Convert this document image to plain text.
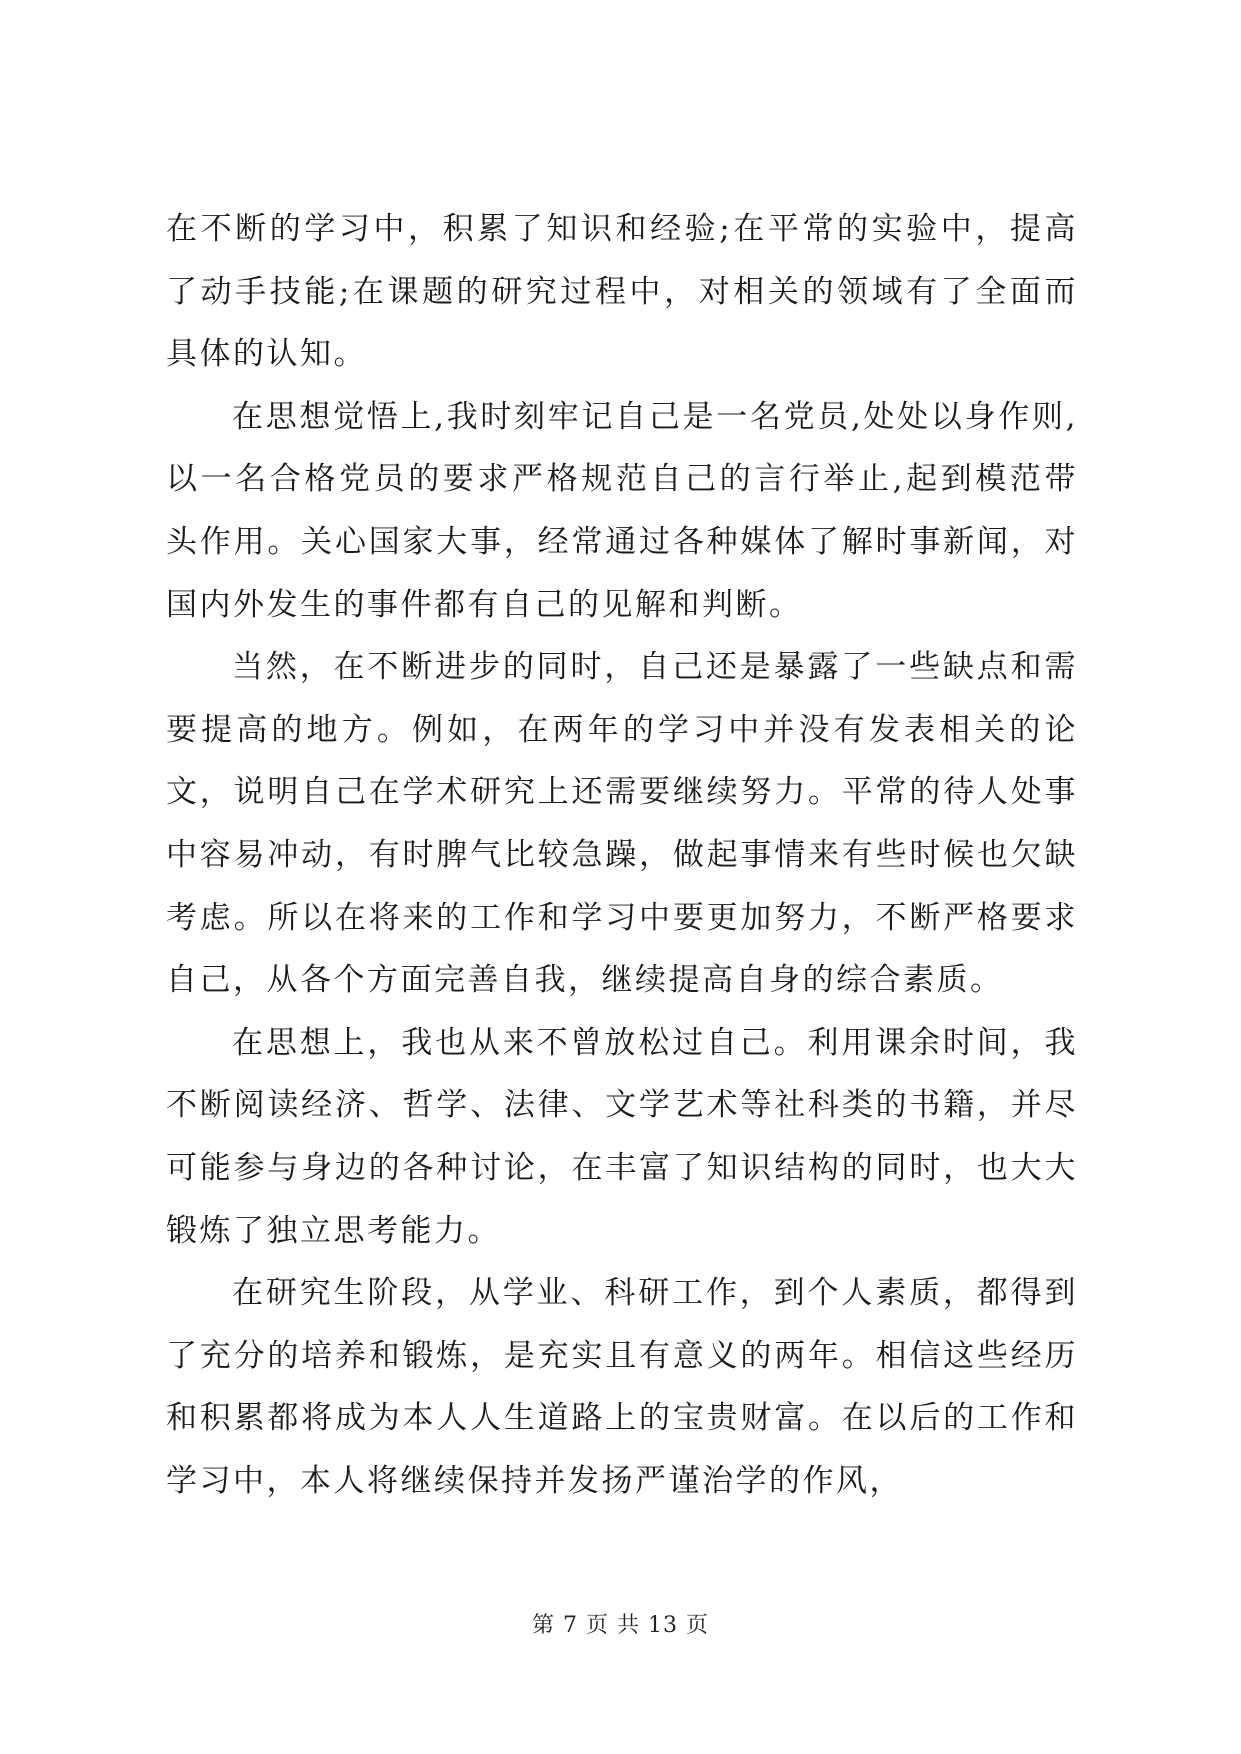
在不断的学习中，积累了知识和经验;在平常的实验中，提高了动手技能;在课题的研究过程中，对相关的领域有了全面而具体的认知。

在思想觉悟上,我时刻牢记自己是一名党员,处处以身作则,以一名合格党员的要求严格规范自己的言行举止,起到模范带头作用。关心国家大事，经常通过各种媒体了解时事新闻，对国内外发生的事件都有自己的见解和判断。

当然，在不断进步的同时，自己还是暴露了一些缺点和需要提高的地方。例如，在两年的学习中并没有发表相关的论文，说明自己在学术研究上还需要继续努力。平常的待人处事中容易冲动，有时脾气比较急躁，做起事情来有些时候也欠缺考虑。所以在将来的工作和学习中要更加努力，不断严格要求自己，从各个方面完善自我，继续提高自身的综合素质。

在思想上，我也从来不曾放松过自己。利用课余时间，我不断阅读经济、哲学、法律、文学艺术等社科类的书籍，并尽可能参与身边的各种讨论，在丰富了知识结构的同时，也大大锻炼了独立思考能力。

在研究生阶段，从学业、科研工作，到个人素质，都得到了充分的培养和锻炼，是充实且有意义的两年。相信这些经历和积累都将成为本人人生道路上的宝贵财富。在以后的工作和学习中，本人将继续保持并发扬严谨治学的作风，

第 7 页 共 13 页
